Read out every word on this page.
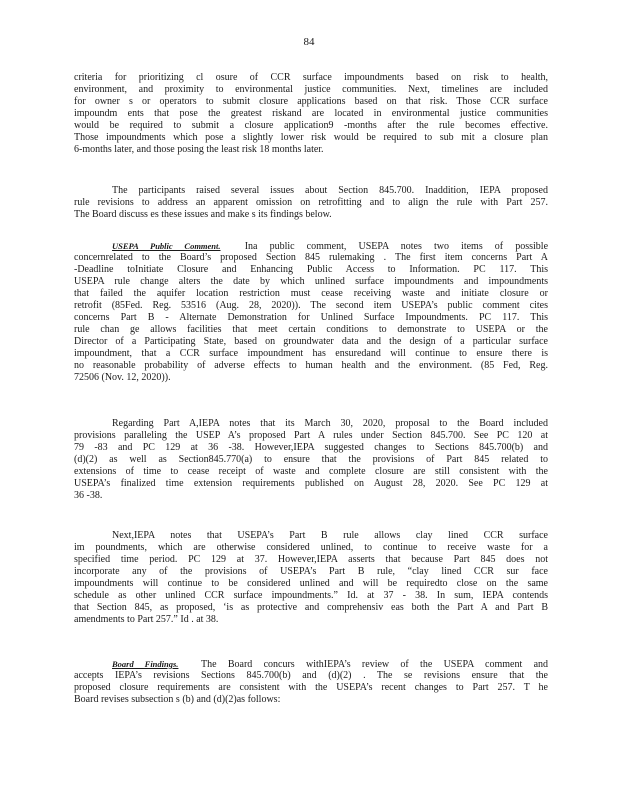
84
criteria for prioritizing cl osure of CCR surface impoundments based on risk to health,
environment, and proximity to environmental justice communities. Next, timelines are included
for owner s or operators to submit closure applications based on that risk. Those CCR surface
impoundm ents that pose the greatest riskand are located in environmental justice communities
would be required to submit a closure application9 -months after the rule becomes effective.
Those impoundments which pose a slightly lower risk would be required to sub mit a closure plan
6-months later, and those posing the least risk 18 months later.
The participants raised several issues about Section 845.700. Inaddition, IEPA proposed
rule revisions to address an apparent omission on retrofitting and to align the rule with Part 257.
The Board discuss es these issues and make s its findings below.
USEPA Public Comment. Ina public comment, USEPA notes two items of possible
concernrelated to the Board’s proposed Section 845 rulemaking . The first item concerns Part A
-Deadline toInitiate Closure and Enhancing Public Access to Information. PC 117. This
USEPA rule change alters the date by which unlined surface impoundments and impoundments
that failed the aquifer location restriction must cease receiving waste and initiate closure or
retrofit (85Fed. Reg. 53516 (Aug. 28, 2020)). The second item USEPA’s public comment cites
concerns Part B - Alternate Demonstration for Unlined Surface Impoundments. PC 117. This
rule chan ge allows facilities that meet certain conditions to demonstrate to USEPA or the
Director of a Participating State, based on groundwater data and the design of a particular surface
impoundment, that a CCR surface impoundment has ensuredand will continue to ensure there is
no reasonable probability of adverse effects to human health and the environment. (85 Fed, Reg.
72506 (Nov. 12, 2020)).
Regarding Part A,IEPA notes that its March 30, 2020, proposal to the Board included
provisions paralleling the USEP A’s proposed Part A rules under Section 845.700. See PC 120 at
79 -83 and PC 129 at 36 -38. However,IEPA suggested changes to Sections 845.700(b) and
(d)(2) as well as Section845.770(a) to ensure that the provisions of Part 845 related to
extensions of time to cease receipt of waste and complete closure are still consistent with the
USEPA’s finalized time extension requirements published on August 28, 2020. See PC 129 at
36 -38.
Next,IEPA notes that USEPA’s Part B rule allows clay lined CCR surface
im poundments, which are otherwise considered unlined, to continue to receive waste for a
specified time period. PC 129 at 37. However,IEPA asserts that because Part 845 does not
incorporate any of the provisions of USEPA’s Part B rule, “clay lined CCR sur face
impoundments will continue to be considered unlined and will be requiredto close on the same
schedule as other unlined CCR surface impoundments.” Id. at 37 - 38. In sum, IEPA contends
that Section 845, as proposed, ‘is as protective and comprehensiv eas both the Part A and Part B
amendments to Part 257.” Id . at 38.
Board Findings. The Board concurs withIEPA’s review of the USEPA comment and
accepts IEPA’s revisions Sections 845.700(b) and (d)(2) . The se revisions ensure that the
proposed closure requirements are consistent with the USEPA’s recent changes to Part 257. T he
Board revises subsection s (b) and (d)(2)as follows:
